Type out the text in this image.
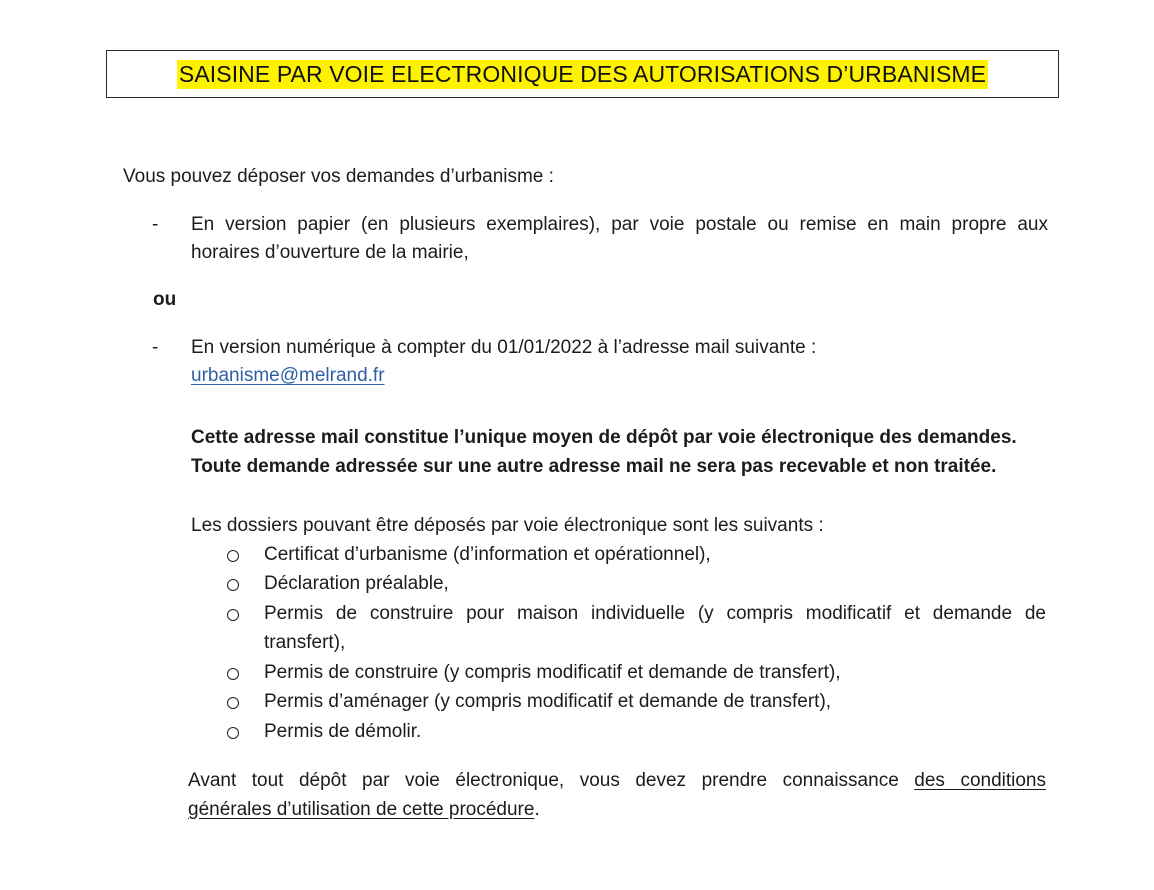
SAISINE PAR VOIE ELECTRONIQUE DES AUTORISATIONS D’URBANISME
Vous pouvez déposer vos demandes d’urbanisme :
- En version papier (en plusieurs exemplaires), par voie postale ou remise en main propre aux
horaires d’ouverture de la mairie,
ou
- En version numérique à compter du 01/01/2022 à l’adresse mail suivante :
urbanisme@melrand.fr
Cette adresse mail constitue l’unique moyen de dépôt par voie électronique des demandes.
Toute demande adressée sur une autre adresse mail ne sera pas recevable et non traitée.
Les dossiers pouvant être déposés par voie électronique sont les suivants :
Certificat d’urbanisme (d’information et opérationnel),
Déclaration préalable,
Permis de construire pour maison individuelle (y compris modificatif et demande de
transfert),
Permis de construire (y compris modificatif et demande de transfert),
Permis d’aménager (y compris modificatif et demande de transfert),
Permis de démolir.
Avant tout dépôt par voie électronique, vous devez prendre connaissance des conditions
générales d’utilisation de cette procédure.
